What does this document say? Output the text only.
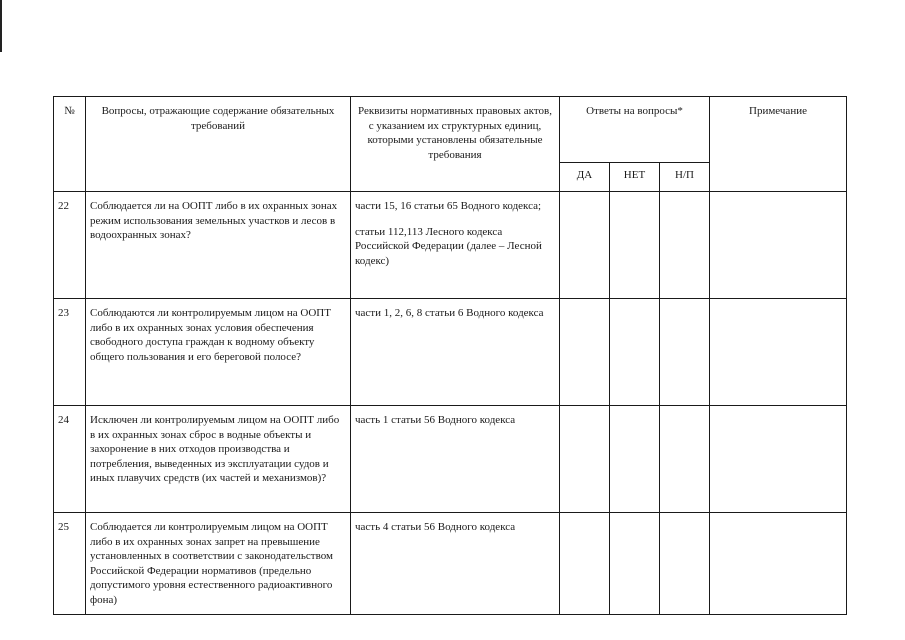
№	Вопросы, отражающие содержание обязательных требований	Реквизиты нормативных правовых актов, с указанием их структурных единиц, которыми установлены обязательные требования	Ответы на вопросы*			Примечание
			ДА	НЕТ	Н/П	
22	Соблюдается ли на ООПТ либо в их охранных зонах режим использования земельных участков и лесов в водоохранных зонах?	части 15, 16 статьи 65 Водного кодекса;
статьи 112,113 Лесного кодекса Российской Федерации (далее – Лесной кодекс)				

23	Соблюдаются ли контролируемым лицом на ООПТ либо в их охранных зонах условия обеспечения свободного доступа граждан к водному объекту общего пользования и его береговой полосе?	части 1, 2, 6, 8 статьи 6 Водного кодекса				

24	Исключен ли контролируемым лицом на ООПТ либо в их охранных зонах сброс в водные объекты и захоронение в них отходов производства и потребления, выведенных из эксплуатации судов и иных плавучих средств (их частей и механизмов)?	часть 1 статьи 56 Водного кодекса				

25	Соблюдается ли контролируемым лицом на ООПТ либо в их охранных зонах запрет на превышение установленных в соответствии с законодательством Российской Федерации нормативов (предельно допустимого уровня естественного радиоактивного фона)	часть 4 статьи 56 Водного кодекса				
